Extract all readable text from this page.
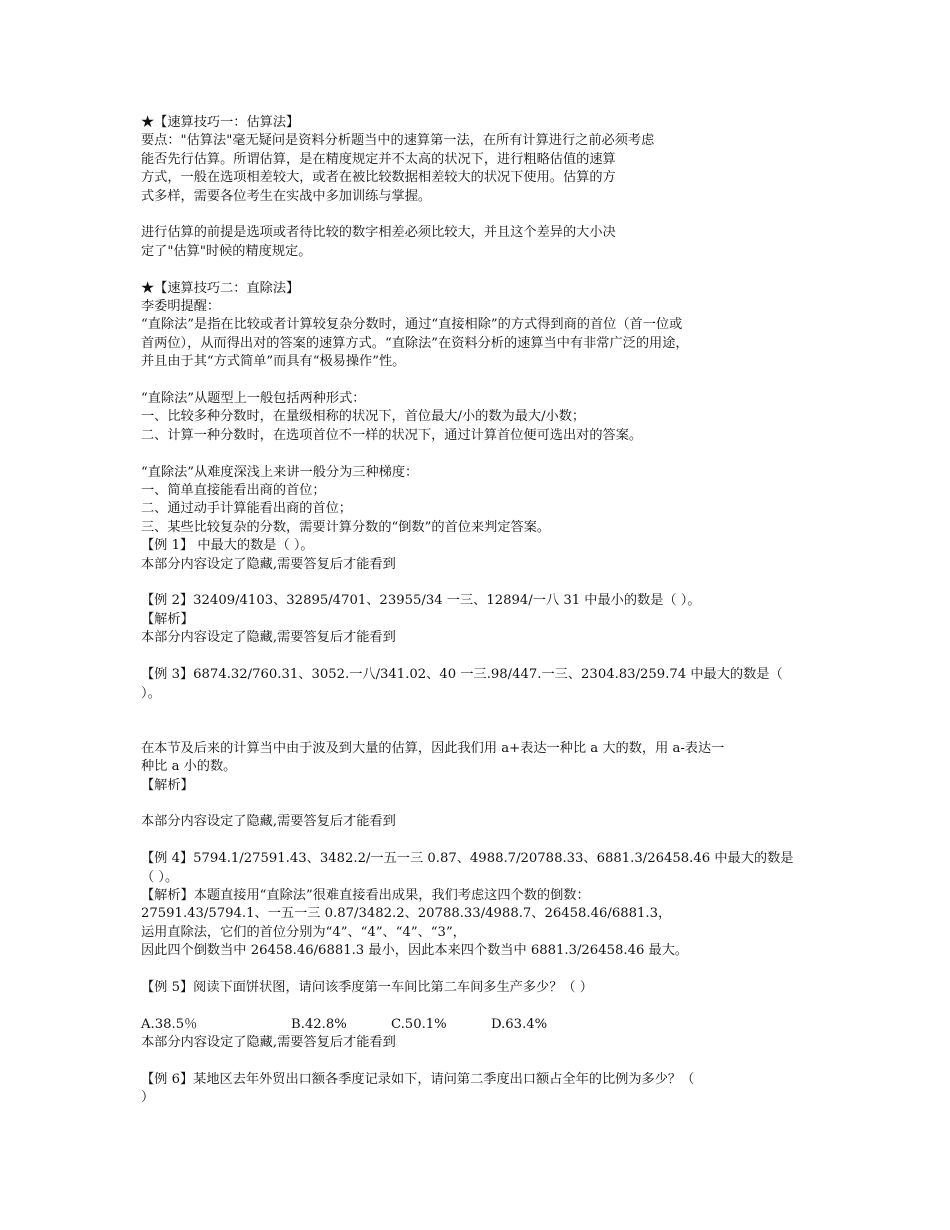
★【速算技巧一：估算法】
要点："估算法"毫无疑问是资料分析题当中的速算第一法，在所有计算进行之前必须考虑
能否先行估算。所谓估算，是在精度规定并不太高的状况下，进行粗略估值的速算
方式，一般在选项相差较大，或者在被比较数据相差较大的状况下使用。估算的方
式多样，需要各位考生在实战中多加训练与掌握。
进行估算的前提是选项或者待比较的数字相差必须比较大，并且这个差异的大小决
定了"估算"时候的精度规定。
★【速算技巧二：直除法】
李委明提醒：
“直除法”是指在比较或者计算较复杂分数时，通过“直接相除”的方式得到商的首位（首一位或
首两位），从而得出对的答案的速算方式。“直除法”在资料分析的速算当中有非常广泛的用途，
并且由于其“方式简单”而具有“极易操作”性。
“直除法”从题型上一般包括两种形式：
一、比较多种分数时，在量级相称的状况下，首位最大/小的数为最大/小数；
二、计算一种分数时，在选项首位不一样的状况下，通过计算首位便可选出对的答案。
“直除法”从难度深浅上来讲一般分为三种梯度：
一、简单直接能看出商的首位；
二、通过动手计算能看出商的首位；
三、某些比较复杂的分数，需要计算分数的“倒数”的首位来判定答案。
【例 1】 中最大的数是（ ）。
本部分内容设定了隐藏,需要答复后才能看到
【例 2】32409/4103、32895/4701、23955/34 一三、12894/一八 31 中最小的数是（ ）。
【解析】
本部分内容设定了隐藏,需要答复后才能看到
【例 3】6874.32/760.31、3052.一八/341.02、40 一三.98/447.一三、2304.83/259.74 中最大的数是（
）。
在本节及后来的计算当中由于波及到大量的估算，因此我们用 a+表达一种比 a 大的数，用 a-表达一
种比 a 小的数。
【解析】
本部分内容设定了隐藏,需要答复后才能看到
【例 4】5794.1/27591.43、3482.2/一五一三 0.87、4988.7/20788.33、6881.3/26458.46 中最大的数是
（ ）。
【解析】本题直接用“直除法”很难直接看出成果，我们考虑这四个数的倒数：
27591.43/5794.1、一五一三 0.87/3482.2、20788.33/4988.7、26458.46/6881.3，
运用直除法，它们的首位分别为“4”、“4”、“4”、“3”，
因此四个倒数当中 26458.46/6881.3 最小，因此本来四个数当中 6881.3/26458.46 最大。
【例 5】阅读下面饼状图，请问该季度第一车间比第二车间多生产多少？（ ）
A.38.5％	B.42.8%	C.50.1%	D.63.4%
本部分内容设定了隐藏,需要答复后才能看到
【例 6】某地区去年外贸出口额各季度记录如下，请问第二季度出口额占全年的比例为多少？（
）
